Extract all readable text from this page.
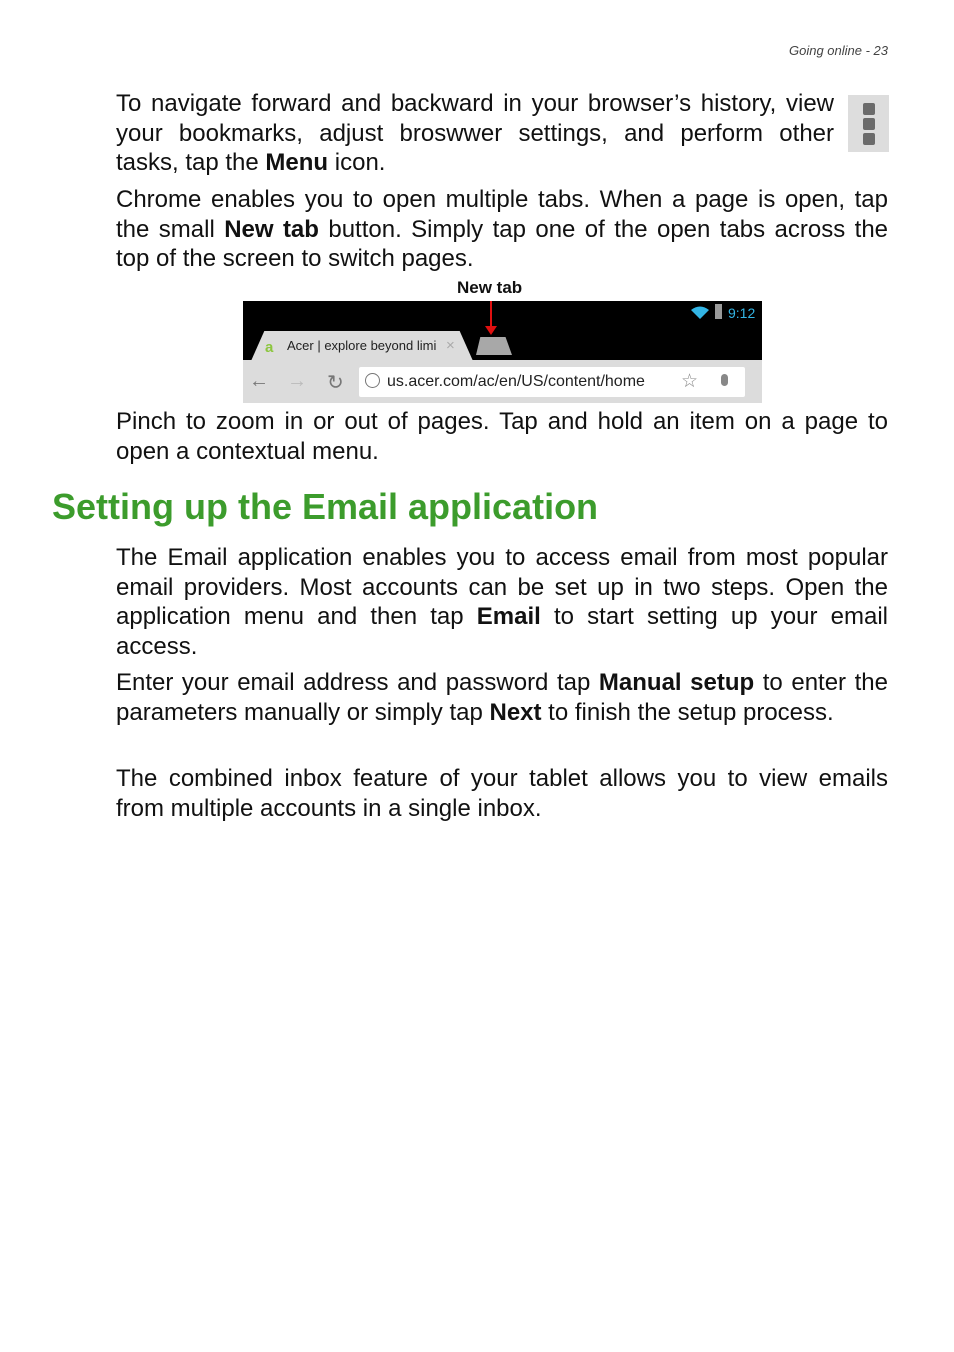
Going online - 23

To navigate forward and backward in your browser’s history, view your bookmarks, adjust broswwer settings, and perform other tasks, tap the Menu icon.

Chrome enables you to open multiple tabs. When a page is open, tap the small New tab button. Simply tap one of the open tabs across the top of the screen to switch pages.

New tab
9:12
a Acer | explore beyond limi ×
← → ↻	us.acer.com/ac/en/US/content/home ☆

Pinch to zoom in or out of pages. Tap and hold an item on a page to open a contextual menu.

Setting up the Email application

The Email application enables you to access email from most popular email providers. Most accounts can be set up in two steps. Open the application menu and then tap Email to start setting up your email access.

Enter your email address and password tap Manual setup to enter the parameters manually or simply tap Next to finish the setup process.

The combined inbox feature of your tablet allows you to view emails from multiple accounts in a single inbox.
